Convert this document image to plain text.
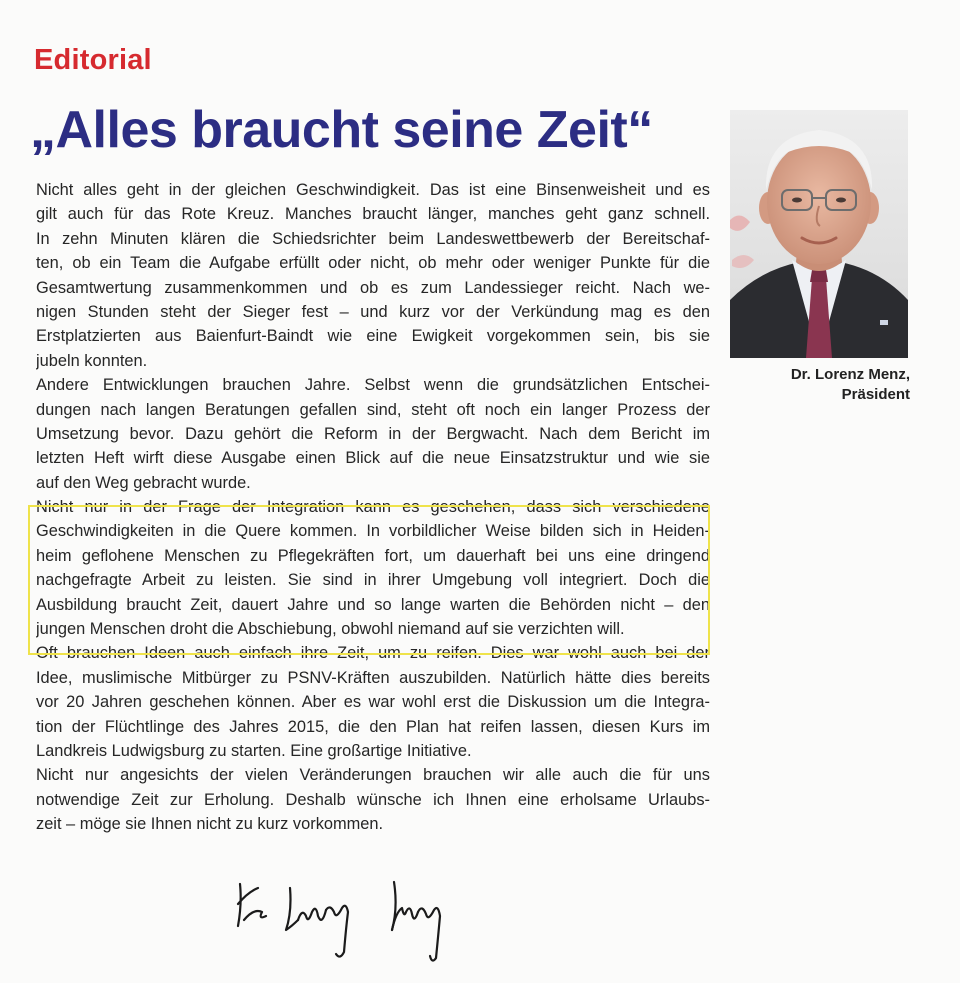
Editorial
„Alles braucht seine Zeit“
Nicht alles geht in der gleichen Geschwindigkeit. Das ist eine Binsenweisheit und es
gilt auch für das Rote Kreuz. Manches braucht länger, manches geht ganz schnell.
In zehn Minuten klären die Schiedsrichter beim Landeswettbewerb der Bereitschaf-
ten, ob ein Team die Aufgabe erfüllt oder nicht, ob mehr oder weniger Punkte für die
Gesamtwertung zusammenkommen und ob es zum Landessieger reicht. Nach we-
nigen Stunden steht der Sieger fest – und kurz vor der Verkündung mag es den
Erstplatzierten aus Baienfurt-Baindt wie eine Ewigkeit vorgekommen sein, bis sie
jubeln konnten.
Andere Entwicklungen brauchen Jahre. Selbst wenn die grundsätzlichen Entschei-
dungen nach langen Beratungen gefallen sind, steht oft noch ein langer Prozess der
Umsetzung bevor. Dazu gehört die Reform in der Bergwacht. Nach dem Bericht im
letzten Heft wirft diese Ausgabe einen Blick auf die neue Einsatzstruktur und wie sie
auf den Weg gebracht wurde.
Nicht nur in der Frage der Integration kann es geschehen, dass sich verschiedene
Geschwindigkeiten in die Quere kommen. In vorbildlicher Weise bilden sich in Heiden-
heim geflohene Menschen zu Pflegekräften fort, um dauerhaft bei uns eine dringend
nachgefragte Arbeit zu leisten. Sie sind in ihrer Umgebung voll integriert. Doch die
Ausbildung braucht Zeit, dauert Jahre und so lange warten die Behörden nicht – den
jungen Menschen droht die Abschiebung, obwohl niemand auf sie verzichten will.
Oft brauchen Ideen auch einfach ihre Zeit, um zu reifen. Dies war wohl auch bei der
Idee, muslimische Mitbürger zu PSNV-Kräften auszubilden. Natürlich hätte dies bereits
vor 20 Jahren geschehen können. Aber es war wohl erst die Diskussion um die Integra-
tion der Flüchtlinge des Jahres 2015, die den Plan hat reifen lassen, diesen Kurs im
Landkreis Ludwigsburg zu starten. Eine großartige Initiative.
Nicht nur angesichts der vielen Veränderungen brauchen wir alle auch die für uns
notwendige Zeit zur Erholung. Deshalb wünsche ich Ihnen eine erholsame Urlaubs-
zeit – möge sie Ihnen nicht zu kurz vorkommen.
Dr. Lorenz Menz,
Präsident
